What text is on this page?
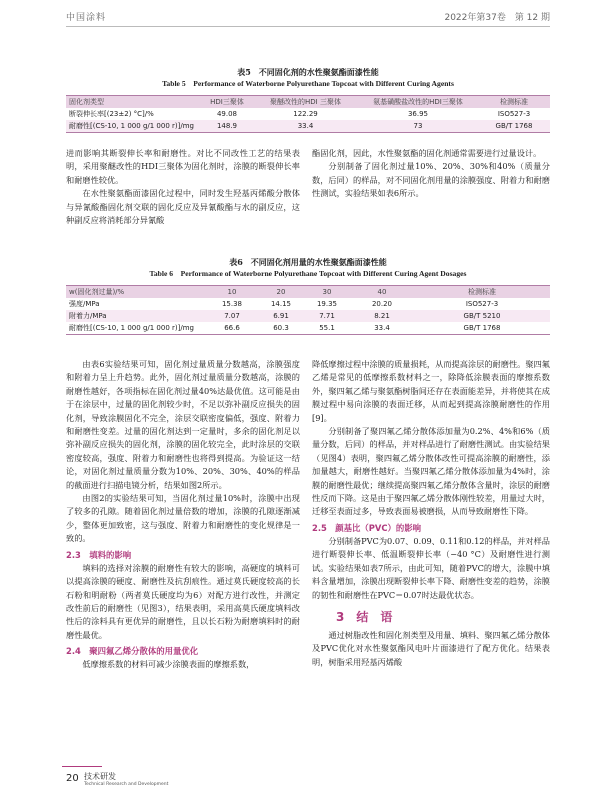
中国涂料	2022年第37卷　第 12 期
表5　不同固化剂的水性聚氨酯面漆性能
Table 5　Performance of Waterborne Polyurethane Topcoat with Different Curing Agents
固化剂类型	HDI三聚体	聚醚改性的HDI 三聚体	氨基磺酸盐改性的HDI三聚体	检测标准
断裂伸长率[(23±2) °C]/%	49.08	122.29	36.95	ISO527-3
耐磨性[(CS-10, 1 000 g/1 000 r)]/mg	148.9	33.4	73	GB/T 1768

进而影响其断裂伸长率和耐磨性。对比不同改性工艺的结果表明，采用聚醚改性的HDI三聚体为固化剂时，涂膜的断裂伸长率和耐磨性较优。

在水性聚氨酯面漆固化过程中，同时发生羟基丙烯酸分散体与异氰酸酯固化剂交联的固化反应及异氰酸酯与水的副反应，这种副反应将消耗部分异氰酸

酯固化剂，因此，水性聚氨酯的固化剂通常需要进行过量设计。

分别制备了固化剂过量10%、20%、30%和40%（质量分数，后同）的样品，对不同固化剂用量的涂膜强度、附着力和耐磨性测试，实验结果如表6所示。

表6　不同固化剂用量的水性聚氨酯面漆性能
Table 6　Performance of Waterborne Polyurethane Topcoat with Different Curing Agent Dosages
w(固化剂过量)/%	10	20	30	40	检测标准
强度/MPa	15.38	14.15	19.35	20.20	ISO527-3
附着力/MPa	7.07	6.91	7.71	8.21	GB/T 5210
耐磨性[(CS-10, 1 000 g/1 000 r)]/mg	66.6	60.3	55.1	33.4	GB/T 1768

由表6实验结果可知，固化剂过量质量分数越高，涂膜强度和附着力呈上升趋势。此外，固化剂过量质量分数越高，涂膜的耐磨性越好，各项指标在固化剂过量40%达最优值。这可能是由于在涂层中，过量的固化剂较少时，不足以弥补副反应损失的固化剂，导致涂膜固化不完全，涂层交联密度偏低，强度、附着力和耐磨性变差。过量的固化剂达到一定量时，多余的固化剂足以弥补副反应损失的固化剂，涂膜的固化较完全，此时涂层的交联密度较高，强度、附着力和耐磨性也将得到提高。为验证这一结论，对固化剂过量质量分数为10%、20%、30%、40%的样品的截面进行扫描电镜分析，结果如图2所示。

由图2的实验结果可知，当固化剂过量10%时，涂膜中出现了较多的孔隙。随着固化剂过量倍数的增加，涂膜的孔隙逐渐减少，整体更加致密，这与强度、附着力和耐磨性的变化规律是一致的。

2.3　填料的影响

填料的选择对涂膜的耐磨性有较大的影响，高硬度的填料可以提高涂膜的硬度、耐磨性及抗刮痕性。通过莫氏硬度较高的长石粉和明耐粉（两者莫氏硬度均为6）对配方进行改性，并测定改性前后的耐磨性（见图3），结果表明，采用高莫氏硬度填料改性后的涂料具有更优异的耐磨性，且以长石粉为耐磨填料时的耐磨性最优。

2.4　聚四氟乙烯分散体的用量优化

低摩擦系数的材料可减少涂膜表面的摩擦系数，

降低摩擦过程中涂膜的质量损耗，从而提高涂层的耐磨性。聚四氟乙烯是常见的低摩擦系数材料之一，除降低涂膜表面的摩擦系数外，聚四氟乙烯与聚氨酯树脂间还存在表面能差异，并将使其在成膜过程中易向涂膜的表面迁移，从而起到提高涂膜耐磨性的作用[9]。

分别制备了聚四氟乙烯分散体添加量为0.2%、4%和6%（质量分数，后同）的样品，并对样品进行了耐磨性测试。由实验结果（见图4）表明，聚四氟乙烯分散体改性可提高涂膜的耐磨性，添加量越大，耐磨性越好。当聚四氟乙烯分散体添加量为4%时，涂膜的耐磨性最优；继续提高聚四氟乙烯分散体含量时，涂层的耐磨性反而下降。这是由于聚四氟乙烯分散体刚性较差，用量过大时，迁移至表面过多，导致表面易被磨损，从而导致耐磨性下降。

2.5　颜基比（PVC）的影响

分别制备PVC为0.07、0.09、0.11和0.12的样品，并对样品进行断裂伸长率、低温断裂伸长率（−40 °C）及耐磨性进行测试。实验结果如表7所示，由此可知，随着PVC的增大，涂膜中填料含量增加，涂膜出现断裂伸长率下降、耐磨性变差的趋势，涂膜的韧性和耐磨性在PVC＝0.07时达最优状态。

3　结　语

通过树脂改性和固化剂类型及用量、填料、聚四氟乙烯分散体及PVC优化对水性聚氨酯风电叶片面漆进行了配方优化。结果表明，树脂采用羟基丙烯酸

20 技术研发
Technical Research and Development
